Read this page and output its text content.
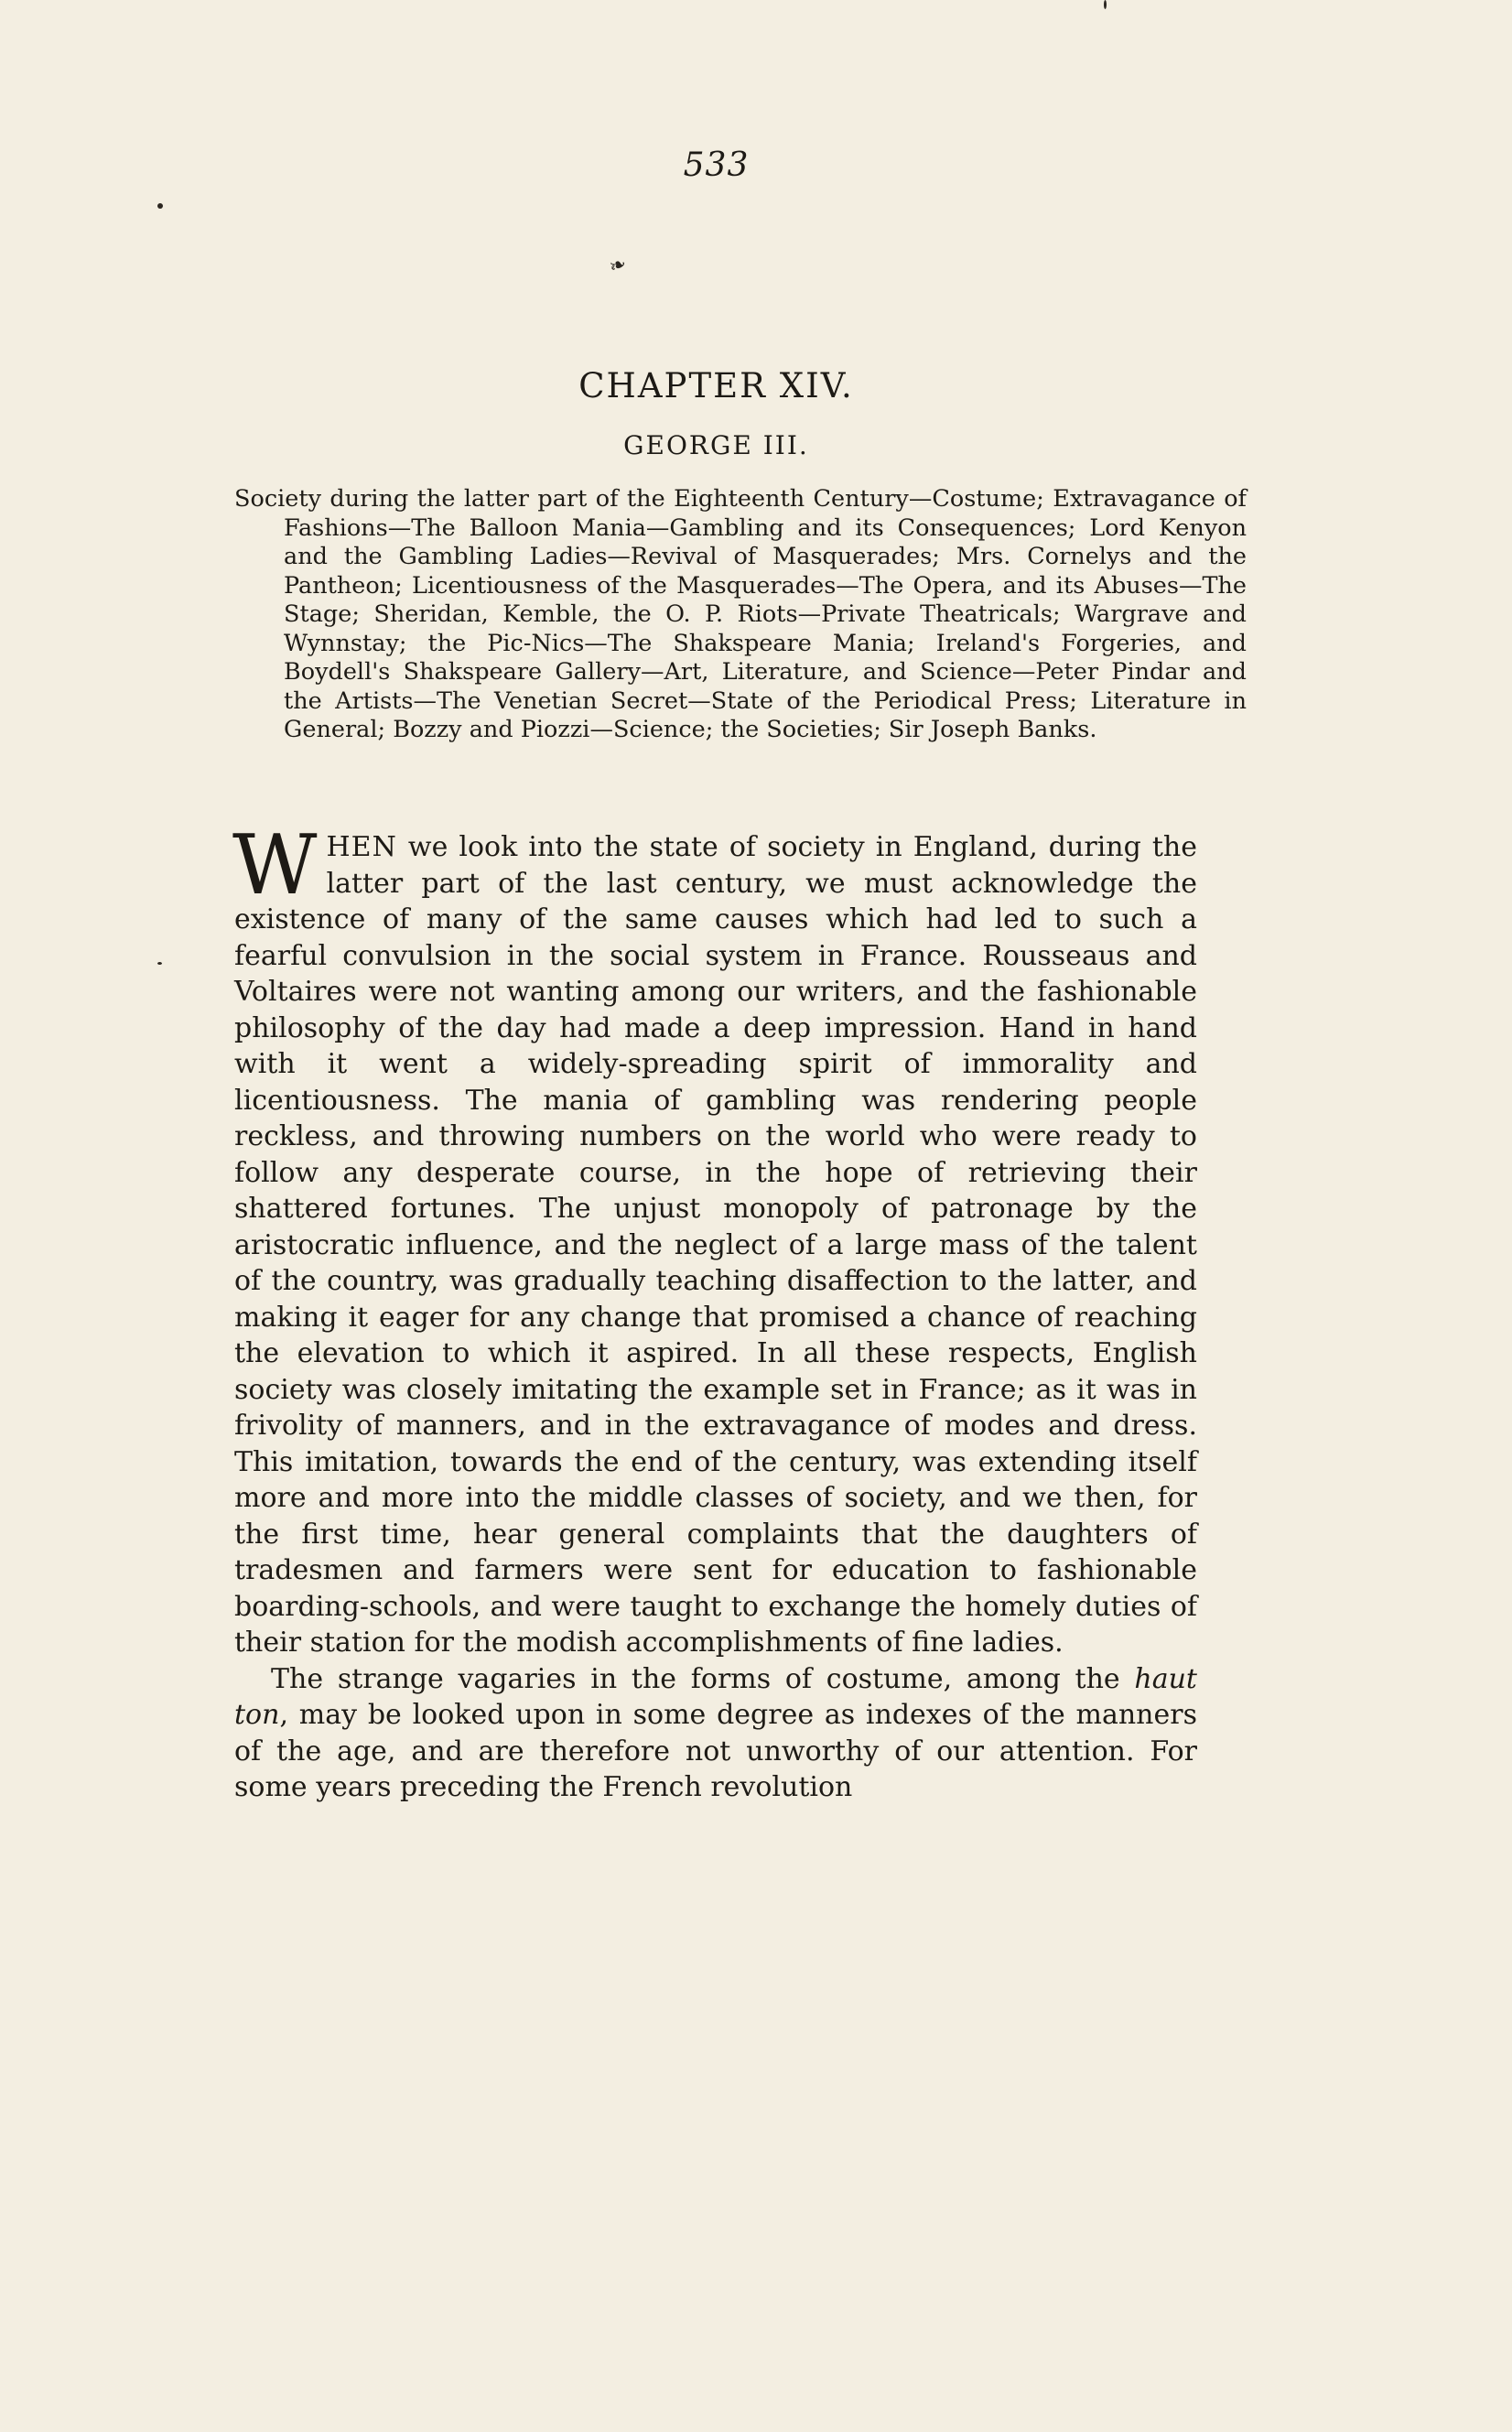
533
❧
CHAPTER XIV.
GEORGE III.
Society during the latter part of the Eighteenth Century—Costume; Extravagance of Fashions—The Balloon Mania—Gambling and its Consequences; Lord Kenyon and the Gambling Ladies—Revival of Masquerades; Mrs. Cornelys and the Pantheon; Licentiousness of the Masquerades—The Opera, and its Abuses—The Stage; Sheridan, Kemble, the O. P. Riots—Private Theatricals; Wargrave and Wynnstay; the Pic-Nics—The Shakspeare Mania; Ireland's Forgeries, and Boydell's Shakspeare Gallery—Art, Literature, and Science—Peter Pindar and the Artists—The Venetian Secret—State of the Periodical Press; Literature in General; Bozzy and Piozzi—Science; the Societies; Sir Joseph Banks.

WHEN we look into the state of society in England, during the latter part of the last century, we must acknowledge the existence of many of the same causes which had led to such a fearful convulsion in the social system in France. Rousseaus and Voltaires were not wanting among our writers, and the fashionable philosophy of the day had made a deep impression. Hand in hand with it went a widely-spreading spirit of immorality and licentiousness. The mania of gambling was rendering people reckless, and throwing numbers on the world who were ready to follow any desperate course, in the hope of retrieving their shattered fortunes. The unjust monopoly of patronage by the aristocratic influence, and the neglect of a large mass of the talent of the country, was gradually teaching disaffection to the latter, and making it eager for any change that promised a chance of reaching the elevation to which it aspired. In all these respects, English society was closely imitating the example set in France; as it was in frivolity of manners, and in the extravagance of modes and dress. This imitation, towards the end of the century, was extending itself more and more into the middle classes of society, and we then, for the first time, hear general complaints that the daughters of tradesmen and farmers were sent for education to fashionable boarding-schools, and were taught to exchange the homely duties of their station for the modish accomplishments of fine ladies.

The strange vagaries in the forms of costume, among the haut ton, may be looked upon in some degree as indexes of the manners of the age, and are therefore not unworthy of our attention. For some years preceding the French revolution
